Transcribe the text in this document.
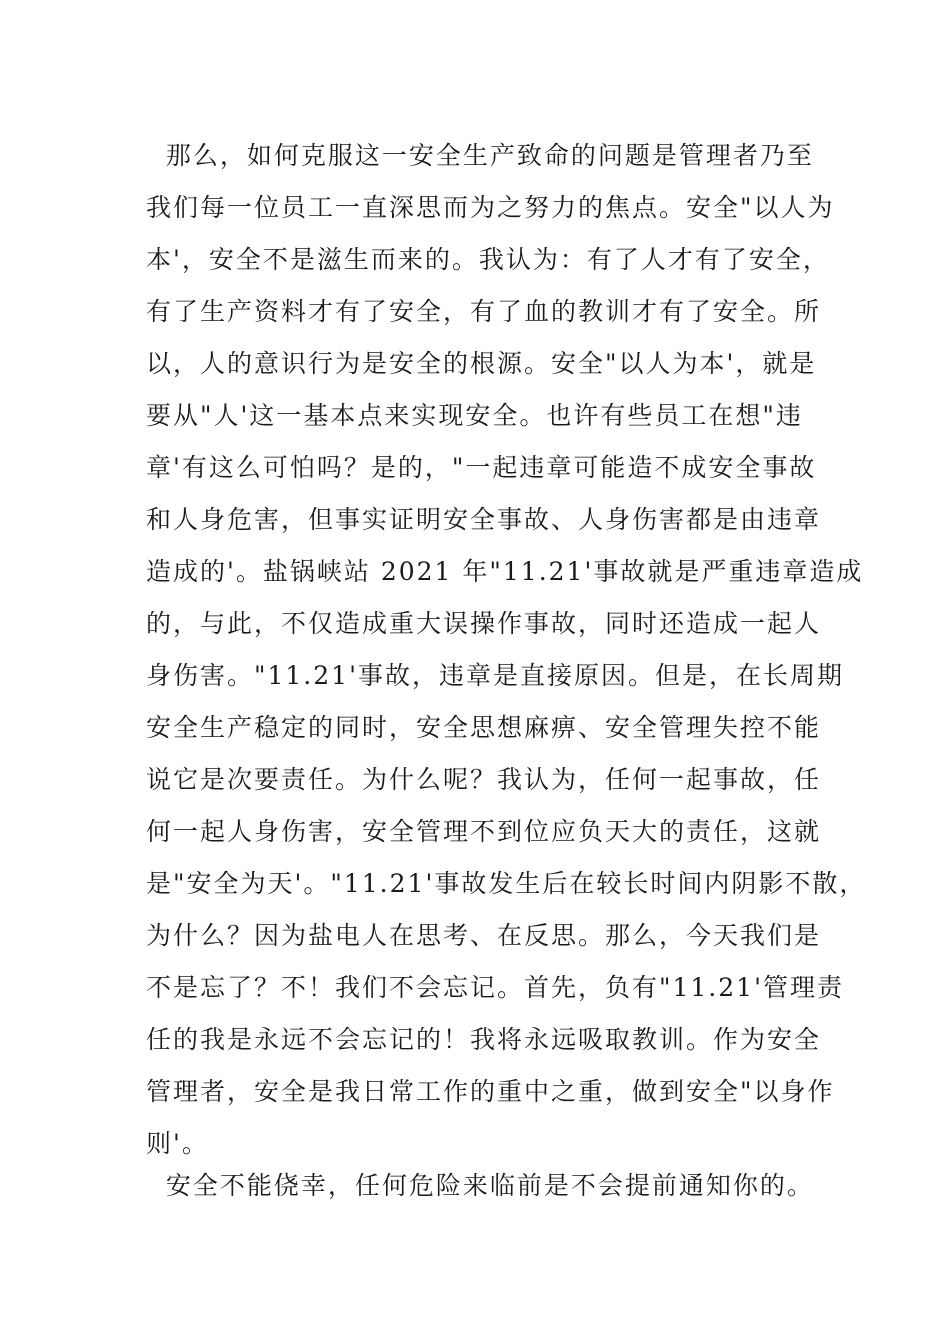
那么，如何克服这一安全生产致命的问题是管理者乃至
我们每一位员工一直深思而为之努力的焦点。安全"以人为
本'，安全不是滋生而来的。我认为：有了人才有了安全，
有了生产资料才有了安全，有了血的教训才有了安全。所
以，人的意识行为是安全的根源。安全"以人为本'，就是
要从"人'这一基本点来实现安全。也许有些员工在想"违
章'有这么可怕吗？是的，"一起违章可能造不成安全事故
和人身危害，但事实证明安全事故、人身伤害都是由违章
造成的'。盐锅峡站 2021 年"11.21'事故就是严重违章造成
的，与此，不仅造成重大误操作事故，同时还造成一起人
身伤害。"11.21'事故，违章是直接原因。但是，在长周期
安全生产稳定的同时，安全思想麻痹、安全管理失控不能
说它是次要责任。为什么呢？我认为，任何一起事故，任
何一起人身伤害，安全管理不到位应负天大的责任，这就
是"安全为天'。"11.21'事故发生后在较长时间内阴影不散，
为什么？因为盐电人在思考、在反思。那么，今天我们是
不是忘了？不！我们不会忘记。首先，负有"11.21'管理责
任的我是永远不会忘记的！我将永远吸取教训。作为安全
管理者，安全是我日常工作的重中之重，做到安全"以身作
则'。
安全不能侥幸，任何危险来临前是不会提前通知你的。
